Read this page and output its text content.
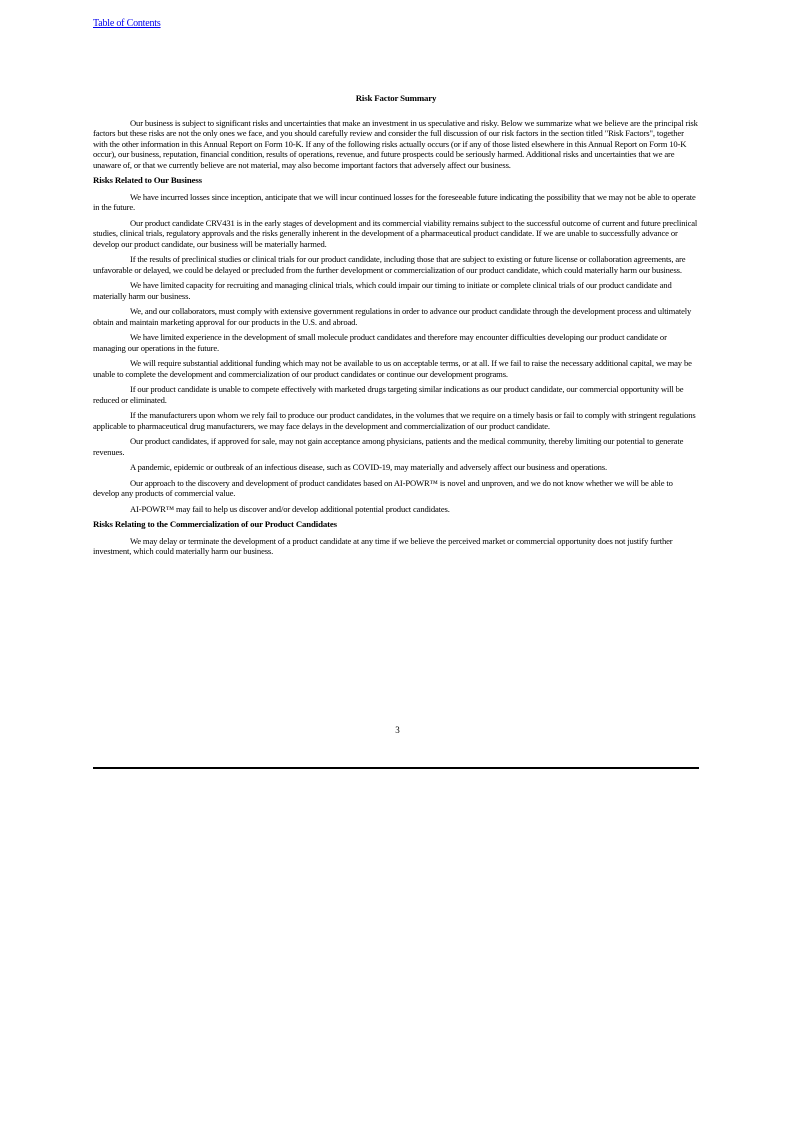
Table of Contents
Risk Factor Summary

Our business is subject to significant risks and uncertainties that make an investment in us speculative and risky. Below we summarize what we believe are the principal risk factors but these risks are not the only ones we face, and you should carefully review and consider the full discussion of our risk factors in the section titled "Risk Factors", together with the other information in this Annual Report on Form 10-K. If any of the following risks actually occurs (or if any of those listed elsewhere in this Annual Report on Form 10-K occur), our business, reputation, financial condition, results of operations, revenue, and future prospects could be seriously harmed. Additional risks and uncertainties that we are unaware of, or that we currently believe are not material, may also become important factors that adversely affect our business.

Risks Related to Our Business

We have incurred losses since inception, anticipate that we will incur continued losses for the foreseeable future indicating the possibility that we may not be able to operate in the future.

Our product candidate CRV431 is in the early stages of development and its commercial viability remains subject to the successful outcome of current and future preclinical studies, clinical trials, regulatory approvals and the risks generally inherent in the development of a pharmaceutical product candidate. If we are unable to successfully advance or develop our product candidate, our business will be materially harmed.

If the results of preclinical studies or clinical trials for our product candidate, including those that are subject to existing or future license or collaboration agreements, are unfavorable or delayed, we could be delayed or precluded from the further development or commercialization of our product candidate, which could materially harm our business.

We have limited capacity for recruiting and managing clinical trials, which could impair our timing to initiate or complete clinical trials of our product candidate and materially harm our business.

We, and our collaborators, must comply with extensive government regulations in order to advance our product candidate through the development process and ultimately obtain and maintain marketing approval for our products in the U.S. and abroad.

We have limited experience in the development of small molecule product candidates and therefore may encounter difficulties developing our product candidate or managing our operations in the future.

We will require substantial additional funding which may not be available to us on acceptable terms, or at all. If we fail to raise the necessary additional capital, we may be unable to complete the development and commercialization of our product candidates or continue our development programs.

If our product candidate is unable to compete effectively with marketed drugs targeting similar indications as our product candidate, our commercial opportunity will be reduced or eliminated.

If the manufacturers upon whom we rely fail to produce our product candidates, in the volumes that we require on a timely basis or fail to comply with stringent regulations applicable to pharmaceutical drug manufacturers, we may face delays in the development and commercialization of our product candidate.

Our product candidates, if approved for sale, may not gain acceptance among physicians, patients and the medical community, thereby limiting our potential to generate revenues.

A pandemic, epidemic or outbreak of an infectious disease, such as COVID-19, may materially and adversely affect our business and operations.

Our approach to the discovery and development of product candidates based on AI-POWR™ is novel and unproven, and we do not know whether we will be able to develop any products of commercial value.

AI-POWR™ may fail to help us discover and/or develop additional potential product candidates.

Risks Relating to the Commercialization of our Product Candidates

We may delay or terminate the development of a product candidate at any time if we believe the perceived market or commercial opportunity does not justify further investment, which could materially harm our business.

3
